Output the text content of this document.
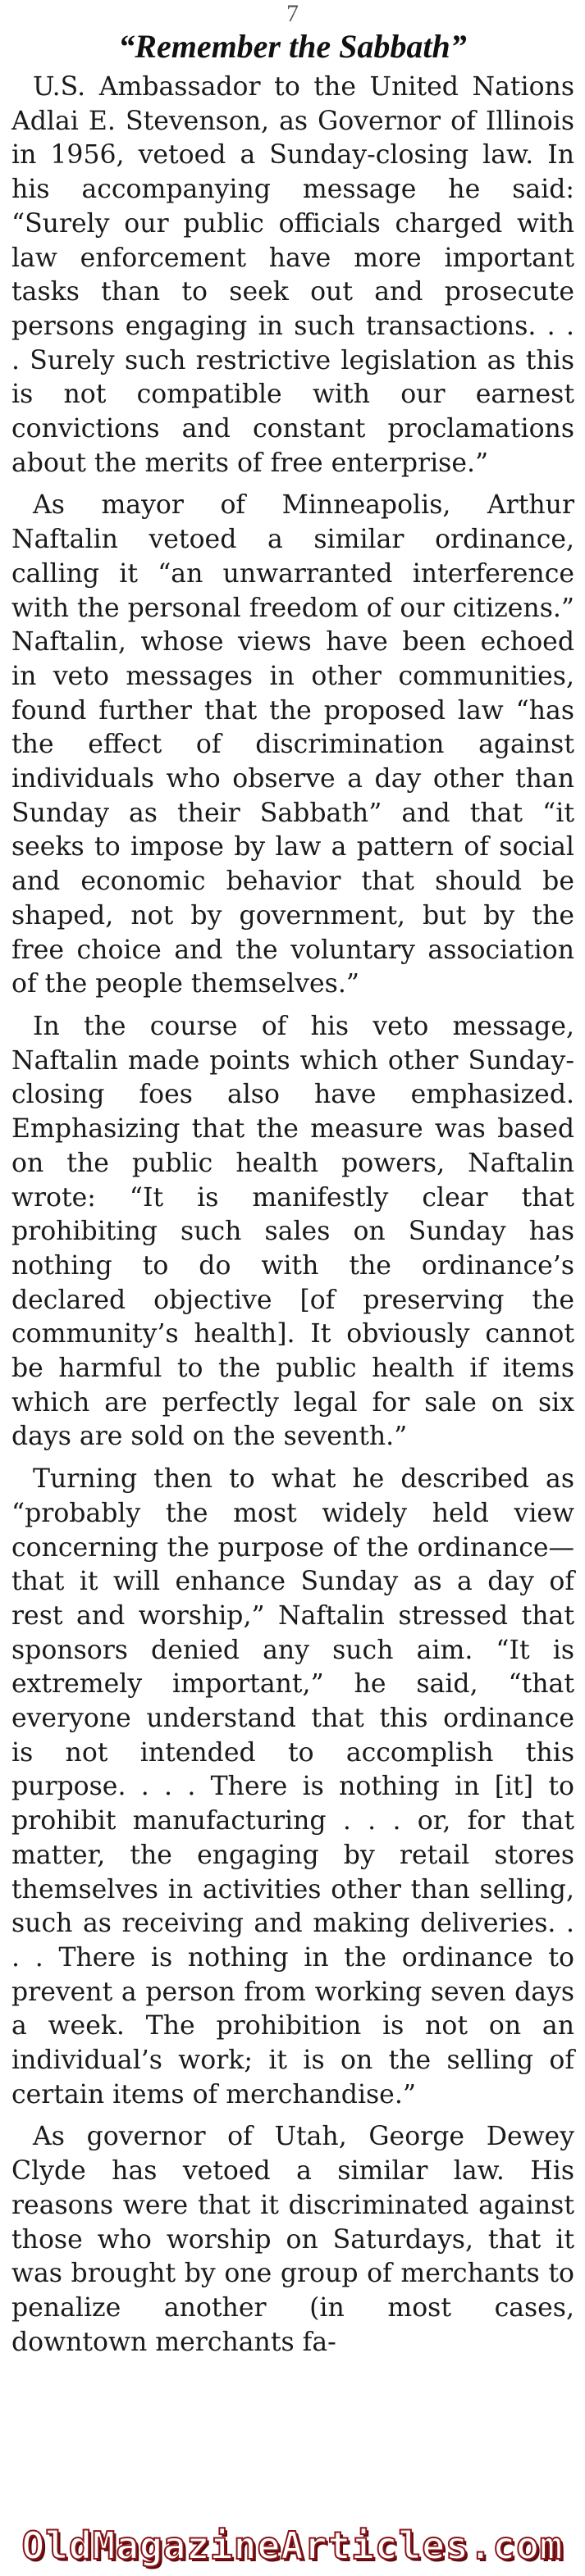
7
“Remember the Sabbath”

U.S. Ambassador to the United Nations Adlai E. Stevenson, as Governor of Illinois in 1956, vetoed a Sunday-closing law. In his accompanying message he said: “Surely our public officials charged with law enforcement have more important tasks than to seek out and prosecute persons engaging in such transactions. . . . Surely such restrictive legislation as this is not compatible with our earnest convictions and constant proclamations about the merits of free enterprise.”

As mayor of Minneapolis, Arthur Naftalin vetoed a similar ordinance, calling it “an unwarranted interference with the personal freedom of our citizens.” Naftalin, whose views have been echoed in veto messages in other communities, found further that the proposed law “has the effect of discrimination against individuals who observe a day other than Sunday as their Sabbath” and that “it seeks to impose by law a pattern of social and economic behavior that should be shaped, not by government, but by the free choice and the voluntary association of the people themselves.”

In the course of his veto message, Naftalin made points which other Sunday-closing foes also have emphasized. Emphasizing that the measure was based on the public health powers, Naftalin wrote: “It is manifestly clear that prohibiting such sales on Sunday has nothing to do with the ordinance’s declared objective [of preserving the community’s health]. It obviously cannot be harmful to the public health if items which are perfectly legal for sale on six days are sold on the seventh.”

Turning then to what he described as “probably the most widely held view concerning the purpose of the ordinance—that it will enhance Sunday as a day of rest and worship,” Naftalin stressed that sponsors denied any such aim. “It is extremely important,” he said, “that everyone understand that this ordinance is not intended to accomplish this purpose. . . . There is nothing in [it] to prohibit manufacturing . . . or, for that matter, the engaging by retail stores themselves in activities other than selling, such as receiving and making deliveries. . . . There is nothing in the ordinance to prevent a person from working seven days a week. The prohibition is not on an individual’s work; it is on the selling of certain items of merchandise.”

As governor of Utah, George Dewey Clyde has vetoed a similar law. His reasons were that it discriminated against those who worship on Saturdays, that it was brought by one group of merchants to penalize another (in most cases, downtown merchants fa-

OldMagazineArticles.com
